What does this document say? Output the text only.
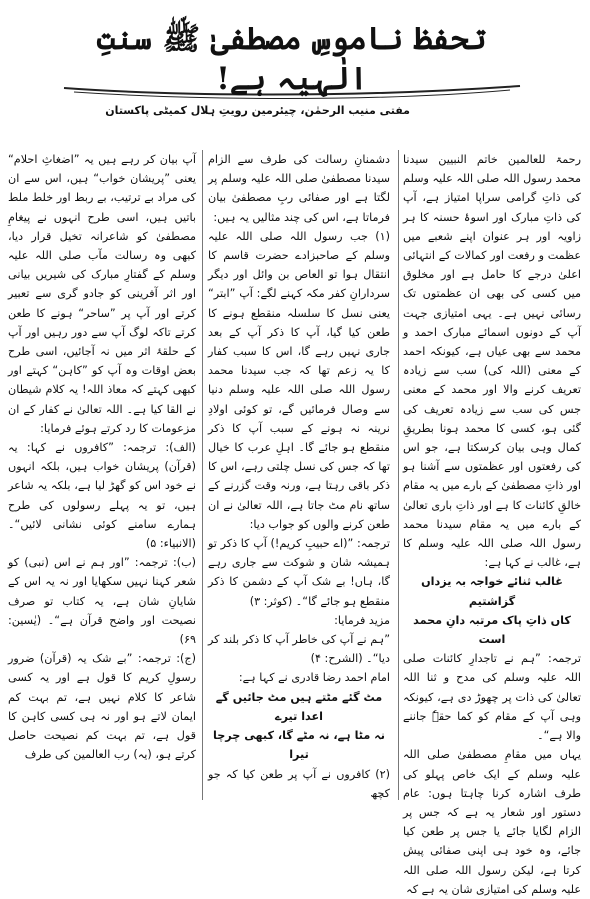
تحفظ ناموسِ مصطفیٰ ﷺ سنتِ الٰہیہ ہے!
مفتی منیب الرحمٰن، چیئرمین رویتِ ہلال کمیٹی پاکستان

رحمۃ للعالمین خاتم النبیین سیدنا محمد رسول اللہ صلی اللہ علیہ وسلم کی ذاتِ گرامی سراپا امتیاز ہے، آپ کی ذاتِ مبارک اور اسوۂ حسنہ کا ہر زاویہ اور ہر عنوان اپنے شعبے میں عظمت و رفعت اور کمالات کے انتہائی اعلیٰ درجے کا حامل ہے اور مخلوق میں کسی کی بھی ان عظمتوں تک رسائی نہیں ہے۔ یہی امتیازی جہت آپ کے دونوں اسمائے مبارک احمد و محمد سے بھی عیاں ہے، کیونکہ احمد کے معنی (اللہ کی) سب سے زیادہ تعریف کرنے والا اور محمد کے معنی جس کی سب سے زیادہ تعریف کی گئی ہو، کسی کا محمد ہونا بطریقِ کمال وہی بیان کرسکتا ہے، جو اس کی رفعتوں اور عظمتوں سے آشنا ہو اور ذاتِ مصطفیٰ کے بارے میں یہ مقام خالقِ کائنات کا ہے اور ذاتِ باری تعالیٰ کے بارے میں یہ مقام سیدنا محمد رسول اللہ صلی اللہ علیہ وسلم کا ہے، غالب نے کہا ہے:

غالب ثنائے خواجہ بہ یزداں گزاشتیم

کاں ذاتِ پاک مرتبہ دانِ محمد است

ترجمہ: ”ہم نے تاجدارِ کائنات صلی اللہ علیہ وسلم کی مدح و ثنا اللہ تعالیٰ کی ذات پر چھوڑ دی ہے، کیونکہ وہی آپ کے مقام کو کما حقہٗ جاننے والا ہے“۔

یہاں میں مقامِ مصطفیٰ صلی اللہ علیہ وسلم کے ایک خاص پہلو کی طرف اشارہ کرنا چاہتا ہوں: عام دستور اور شعار یہ ہے کہ جس پر الزام لگایا جائے یا جس پر طعن کیا جائے، وہ خود ہی اپنی صفائی پیش کرتا ہے، لیکن رسول اللہ صلی اللہ علیہ وسلم کی امتیازی شان یہ ہے کہ

دشمنانِ رسالت کی طرف سے الزام سیدنا مصطفیٰ صلی اللہ علیہ وسلم پر لگتا ہے اور صفائی ربِ مصطفیٰ بیان فرماتا ہے، اس کی چند مثالیں یہ ہیں:

(۱) جب رسول اللہ صلی اللہ علیہ وسلم کے صاحبزادے حضرت قاسم کا انتقال ہوا تو العاص بن وائل اور دیگر سردارانِ کفر مکہ کہنے لگے: آپ ”ابتر“ یعنی نسل کا سلسلہ منقطع ہونے کا طعن کیا گیا، آپ کا ذکر آپ کے بعد جاری نہیں رہے گا، اس کا سبب کفار کا یہ زعم تھا کہ جب سیدنا محمد رسول اللہ صلی اللہ علیہ وسلم دنیا سے وصال فرمائیں گے، تو کوئی اولادِ نرینہ نہ ہونے کے سبب آپ کا ذکر منقطع ہو جائے گا۔ اہلِ عرب کا خیال تھا کہ جس کی نسل چلتی رہے، اس کا ذکر باقی رہتا ہے، ورنہ وقت گزرنے کے ساتھ نام مٹ جاتا ہے، اللہ تعالیٰ نے ان طعن کرنے والوں کو جواب دیا:

ترجمہ: ”(اے حبیبِ کریم!) آپ کا ذکر تو ہمیشہ شان و شوکت سے جاری رہے گا، ہاں! بے شک آپ کے دشمن کا ذکر منقطع ہو جائے گا“۔ (کوثر: ۳)

مزید فرمایا:

”ہم نے آپ کی خاطر آپ کا ذکر بلند کر دیا“۔ (الشرح: ۴)

امام احمد رضا قادری نے کہا ہے:

مٹ گئے مٹتے ہیں مٹ جائیں گے اعدا تیرے

نہ مٹا ہے، نہ مٹے گا، کبھی چرچا تیرا

(۲) کافروں نے آپ پر طعن کیا کہ جو کچھ

آپ بیان کر رہے ہیں یہ ”اضغاثِ احلام“ یعنی ”پریشان خواب“ ہیں، اس سے ان کی مراد بے ترتیب، بے ربط اور خلط ملط باتیں ہیں، اسی طرح انہوں نے پیغامِ مصطفیٰ کو شاعرانہ تخیل قرار دیا، کبھی وہ رسالت مآب صلی اللہ علیہ وسلم کے گفتارِ مبارک کی شیریں بیانی اور اثر آفرینی کو جادو گری سے تعبیر کرتے اور آپ پر ”ساحر“ ہونے کا طعن کرتے تاکہ لوگ آپ سے دور رہیں اور آپ کے حلقۂ اثر میں نہ آجائیں، اسی طرح بعض اوقات وہ آپ کو ”کاہن“ کہتے اور کبھی کہتے کہ معاذ اللہ! یہ کلام شیطان نے القا کیا ہے۔ اللہ تعالیٰ نے کفار کے ان مزعومات کا رد کرتے ہوئے فرمایا:

(الف): ترجمہ: ”کافروں نے کہا: یہ (قرآن) پریشان خواب ہیں، بلکہ انہوں نے خود اس کو گھڑ لیا ہے، بلکہ یہ شاعر ہیں، تو یہ پہلے رسولوں کی طرح ہمارے سامنے کوئی نشانی لائیں“۔ (الانبیاء: ۵)

(ب): ترجمہ: ”اور ہم نے اس (نبی) کو شعر کہنا نہیں سکھایا اور نہ یہ اس کے شایانِ شان ہے، یہ کتاب تو صرف نصیحت اور واضح قرآن ہے“۔ (یٰسین: ۶۹)

(ج): ترجمہ: ”بے شک یہ (قرآن) ضرور رسولِ کریم کا قول ہے اور یہ کسی شاعر کا کلام نہیں ہے، تم بہت کم ایمان لاتے ہو اور نہ ہی کسی کاہن کا قول ہے، تم بہت کم نصیحت حاصل کرتے ہو، (یہ) رب العالمین کی طرف
